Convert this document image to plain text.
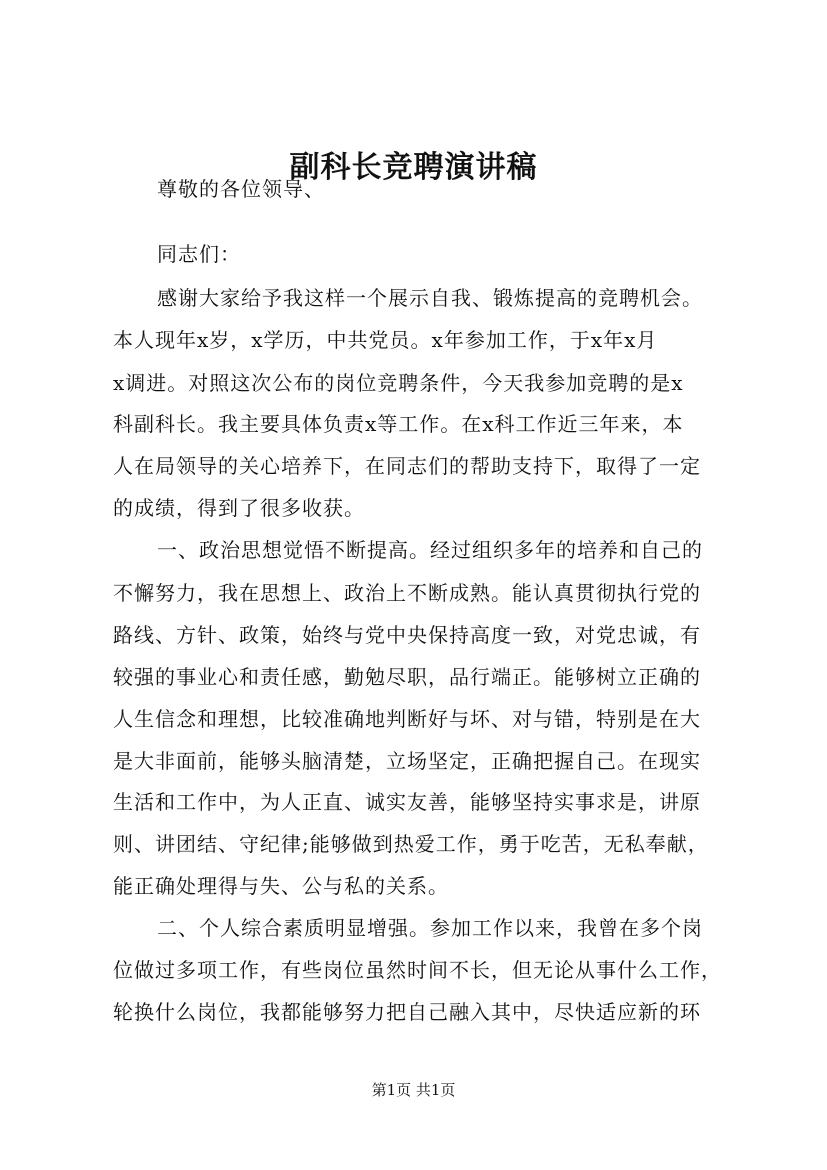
副科长竞聘演讲稿
尊敬的各位领导、
同志们：
感谢大家给予我这样一个展示自我、锻炼提高的竞聘机会。
本人现年x岁，x学历，中共党员。x年参加工作，于x年x月
x调进。对照这次公布的岗位竞聘条件，今天我参加竞聘的是x
科副科长。我主要具体负责x等工作。在x科工作近三年来，本
人在局领导的关心培养下，在同志们的帮助支持下，取得了一定
的成绩，得到了很多收获。
一、政治思想觉悟不断提高。经过组织多年的培养和自己的
不懈努力，我在思想上、政治上不断成熟。能认真贯彻执行党的
路线、方针、政策，始终与党中央保持高度一致，对党忠诚，有
较强的事业心和责任感，勤勉尽职，品行端正。能够树立正确的
人生信念和理想，比较准确地判断好与坏、对与错，特别是在大
是大非面前，能够头脑清楚，立场坚定，正确把握自己。在现实
生活和工作中，为人正直、诚实友善，能够坚持实事求是，讲原
则、讲团结、守纪律;能够做到热爱工作，勇于吃苦，无私奉献，
能正确处理得与失、公与私的关系。
二、个人综合素质明显增强。参加工作以来，我曾在多个岗
位做过多项工作，有些岗位虽然时间不长，但无论从事什么工作，
轮换什么岗位，我都能够努力把自己融入其中，尽快适应新的环
第1页 共1页
